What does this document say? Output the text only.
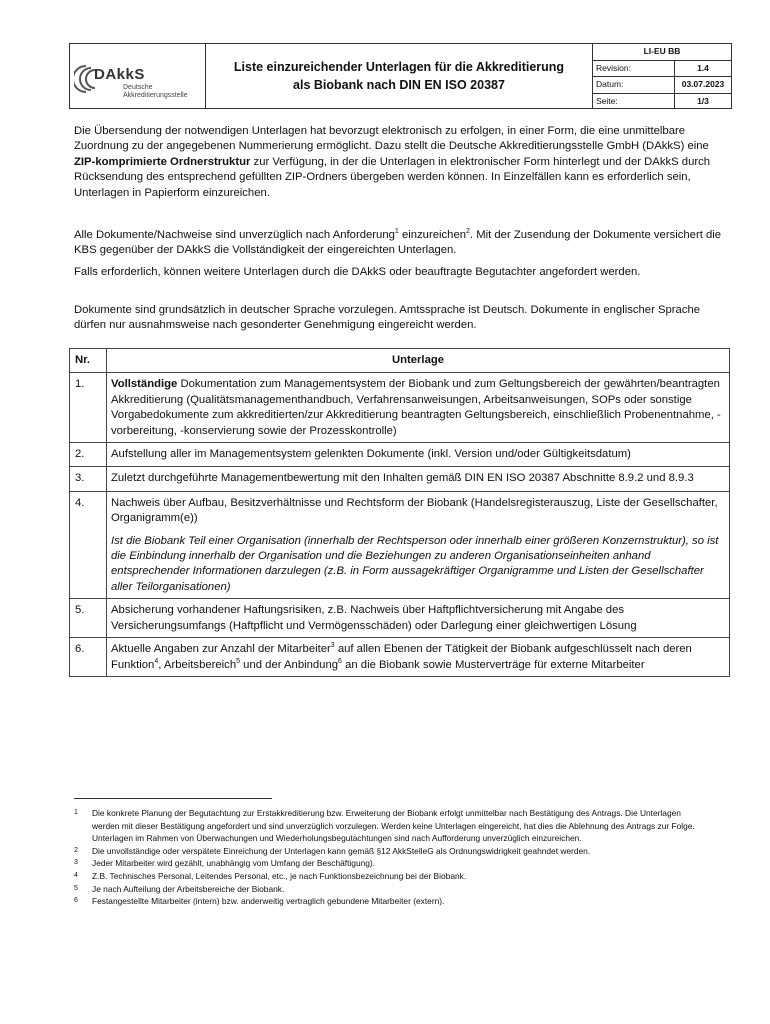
DAkkS
Deutsche
Akkreditierungsstelle
Liste einzureichender Unterlagen für die Akkreditierung
als Biobank nach DIN EN ISO 20387
LI-EU BB
Revision:	1.4
Datum:	03.07.2023
Seite:	1/3

Die Übersendung der notwendigen Unterlagen hat bevorzugt elektronisch zu erfolgen, in einer Form, die eine unmittelbare Zuordnung zu der angegebenen Nummerierung ermöglicht. Dazu stellt die Deutsche Akkreditierungsstelle GmbH (DAkkS) eine ZIP-komprimierte Ordnerstruktur zur Verfügung, in der die Unterlagen in elektronischer Form hinterlegt und der DAkkS durch Rücksendung des entsprechend gefüllten ZIP-Ordners übergeben werden können. In Einzelfällen kann es erforderlich sein, Unterlagen in Papierform einzureichen.

Alle Dokumente/Nachweise sind unverzüglich nach Anforderung$^1$ einzureichen$^2$. Mit der Zusendung der Dokumente versichert die KBS gegenüber der DAkkS die Vollständigkeit der eingereichten Unterlagen.

Falls erforderlich, können weitere Unterlagen durch die DAkkS oder beauftragte Begutachter angefordert werden.

Dokumente sind grundsätzlich in deutscher Sprache vorzulegen. Amtssprache ist Deutsch. Dokumente in englischer Sprache dürfen nur ausnahmsweise nach gesonderter Genehmigung eingereicht werden.

Nr.	Unterlage
1.	Vollständige Dokumentation zum Managementsystem der Biobank und zum Geltungsbereich der gewährten/beantragten Akkreditierung (Qualitätsmanagementhandbuch, Verfahrensanweisungen, Arbeitsanweisungen, SOPs oder sonstige Vorgabedokumente zum akkreditierten/zur Akkreditierung beantragten Geltungsbereich, einschließlich Probenentnahme, -vorbereitung, -konservierung sowie der Prozesskontrolle)
2.	Aufstellung aller im Managementsystem gelenkten Dokumente (inkl. Version und/oder Gültigkeitsdatum)
3.	Zuletzt durchgeführte Managementbewertung mit den Inhalten gemäß DIN EN ISO 20387 Abschnitte 8.9.2 und 8.9.3
4.	Nachweis über Aufbau, Besitzverhältnisse und Rechtsform der Biobank (Handelsregisterauszug, Liste der Gesellschafter, Organigramm(e))
Ist die Biobank Teil einer Organisation (innerhalb der Rechtsperson oder innerhalb einer größeren Konzernstruktur), so ist die Einbindung innerhalb der Organisation und die Beziehungen zu anderen Organisationseinheiten anhand entsprechender Informationen darzulegen (z.B. in Form aussagekräftiger Organigramme und Listen der Gesellschafter aller Teilorganisationen)

5.	Absicherung vorhandener Haftungsrisiken, z.B. Nachweis über Haftpflichtversicherung mit Angabe des Versicherungsumfangs (Haftpflicht und Vermögensschäden) oder Darlegung einer gleichwertigen Lösung
6.	Aktuelle Angaben zur Anzahl der Mitarbeiter$^3$ auf allen Ebenen der Tätigkeit der Biobank aufgeschlüsselt nach deren Funktion$^4$, Arbeitsbereich$^5$ und der Anbindung$^6$ an die Biobank sowie Musterverträge für externe Mitarbeiter
1	Die konkrete Planung der Begutachtung zur Erstakkreditierung bzw. Erweiterung der Biobank erfolgt unmittelbar nach Bestätigung des Antrags. Die Unterlagen werden mit dieser Bestätigung angefordert und sind unverzüglich vorzulegen. Werden keine Unterlagen eingereicht, hat dies die Ablehnung des Antrags zur Folge.
Unterlagen im Rahmen von Überwachungen und Wiederholungsbegutachtungen sind nach Aufforderung unverzüglich einzureichen.
2	Die unvollständige oder verspätete Einreichung der Unterlagen kann gemäß §12 AkkStelleG als Ordnungswidrigkeit geahndet werden.
3	Jeder Mitarbeiter wird gezählt, unabhängig vom Umfang der Beschäftigung).
4	Z.B. Technisches Personal, Leitendes Personal, etc., je nach Funktionsbezeichnung bei der Biobank.
5	Je nach Aufteilung der Arbeitsbereiche der Biobank.
6	Festangestellte Mitarbeiter (intern) bzw. anderweitig vertraglich gebundene Mitarbeiter (extern).
